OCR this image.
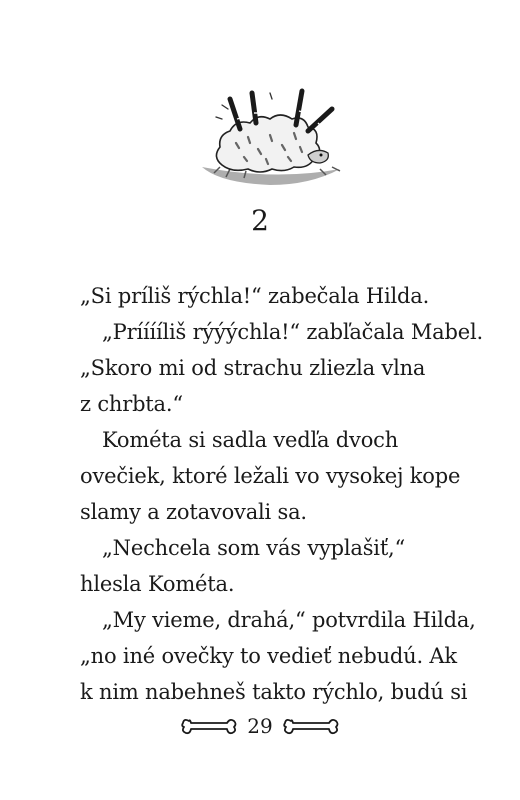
2
„Si príliš rýchla!“ zabečala Hilda.
„Prííííliš rýýýchla!“ zabľačala Mabel.
„Skoro mi od strachu zliezla vlna
z chrbta.“
Kométa si sadla vedľa dvoch
ovečiek, ktoré ležali vo vysokej kope
slamy a zotavovali sa.
„Nechcela som vás vyplašiť,“
hlesla Kométa.
„My vieme, drahá,“ potvrdila Hilda,
„no iné ovečky to vedieť nebudú. Ak
k nim nabehneš takto rýchlo, budú si
29
